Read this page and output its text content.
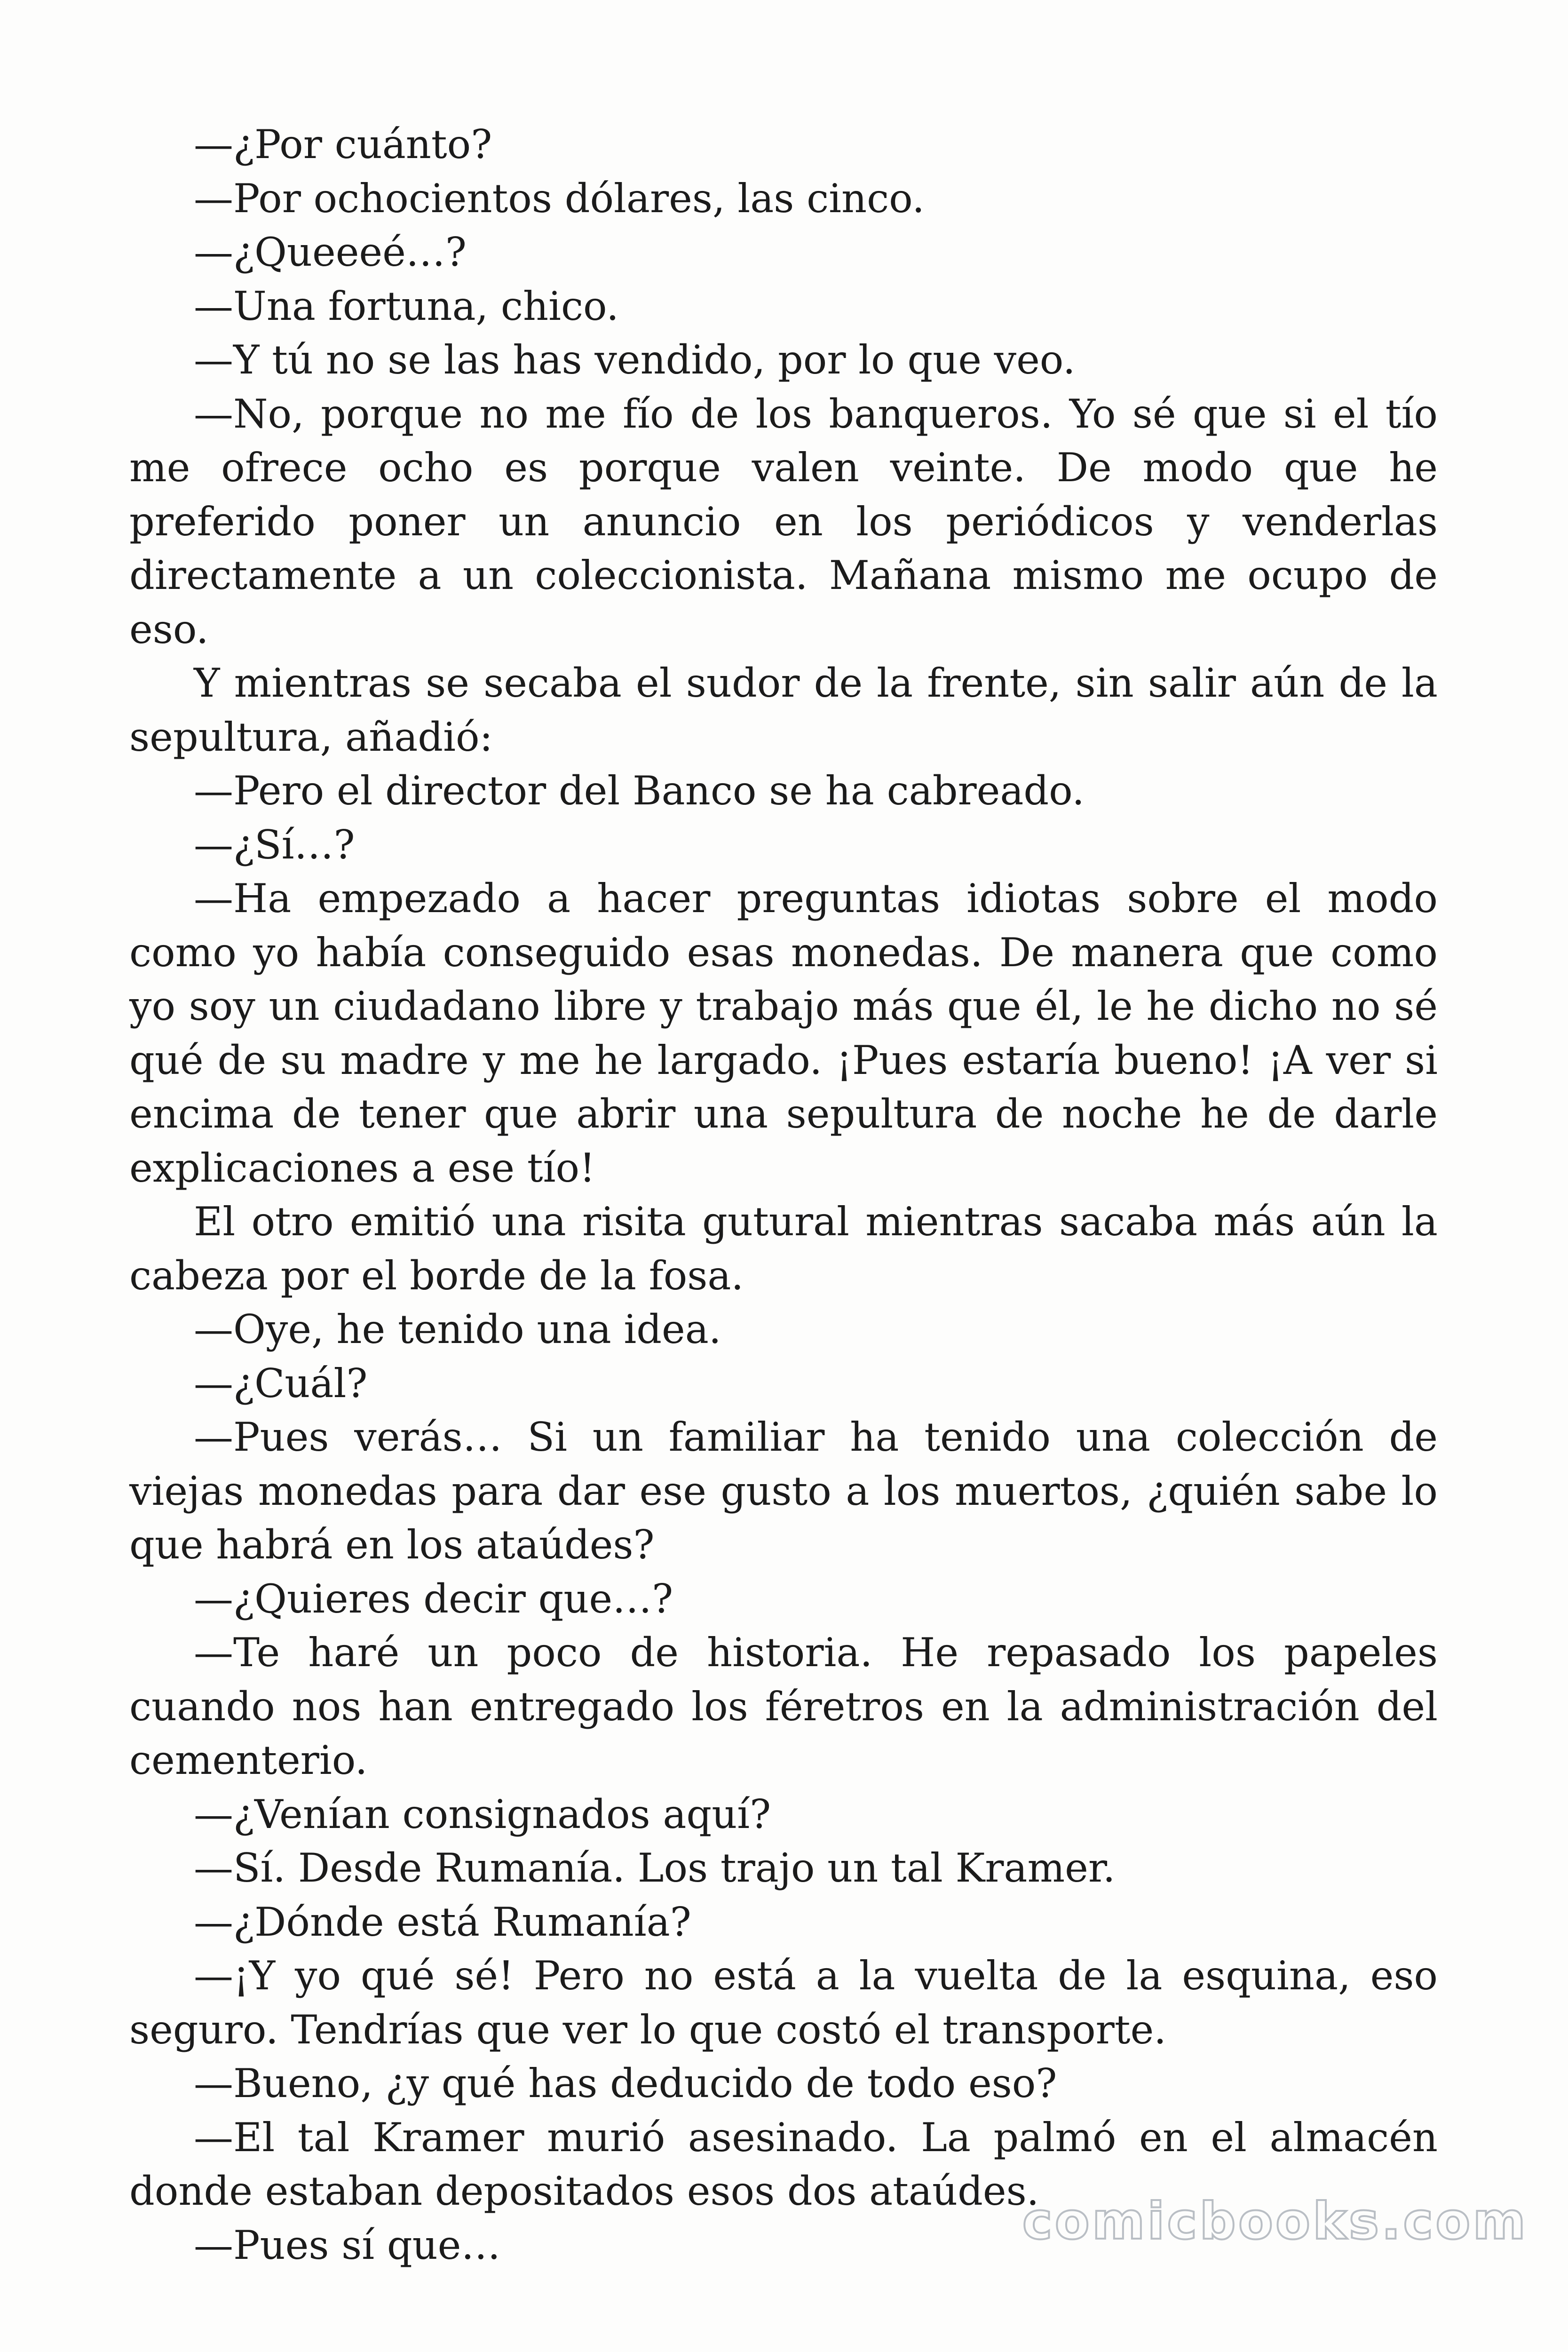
—¿Por cuánto?

—Por ochocientos dólares, las cinco.

—¿Queeeé…?

—Una fortuna, chico.

—Y tú no se las has vendido, por lo que veo.

—No, porque no me fío de los banqueros. Yo sé que si el tío me ofrece ocho es porque valen veinte. De modo que he preferido poner un anuncio en los periódicos y venderlas directamente a un coleccionista. Mañana mismo me ocupo de eso.

Y mientras se secaba el sudor de la frente, sin salir aún de la sepultura, añadió:

—Pero el director del Banco se ha cabreado.

—¿Sí…?

—Ha empezado a hacer preguntas idiotas sobre el modo como yo había conseguido esas monedas. De manera que como yo soy un ciudadano libre y trabajo más que él, le he dicho no sé qué de su madre y me he largado. ¡Pues estaría bueno! ¡A ver si encima de tener que abrir una sepultura de noche he de darle explicaciones a ese tío!

El otro emitió una risita gutural mientras sacaba más aún la cabeza por el borde de la fosa.

—Oye, he tenido una idea.

—¿Cuál?

—Pues verás… Si un familiar ha tenido una colección de viejas monedas para dar ese gusto a los muertos, ¿quién sabe lo que habrá en los ataúdes?

—¿Quieres decir que…?

—Te haré un poco de historia. He repasado los papeles cuando nos han entregado los féretros en la administración del cementerio.

—¿Venían consignados aquí?

—Sí. Desde Rumanía. Los trajo un tal Kramer.

—¿Dónde está Rumanía?

—¡Y yo qué sé! Pero no está a la vuelta de la esquina, eso seguro. Tendrías que ver lo que costó el transporte.

—Bueno, ¿y qué has deducido de todo eso?

—El tal Kramer murió asesinado. La palmó en el almacén donde estaban depositados esos dos ataúdes.

—Pues sí que…	comicbooks.com
